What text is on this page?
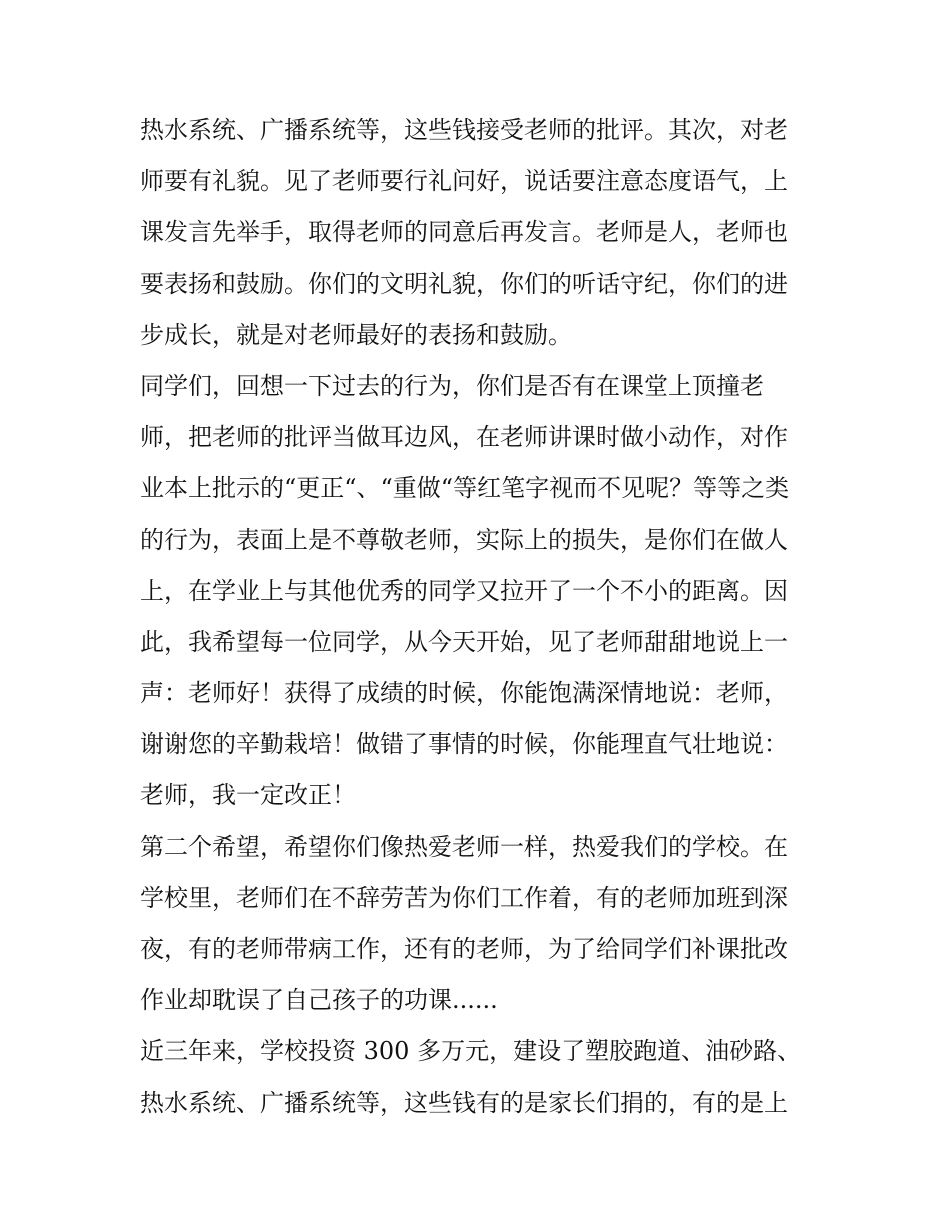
热水系统、广播系统等，这些钱接受老师的批评。其次，对老
师要有礼貌。见了老师要行礼问好，说话要注意态度语气，上
课发言先举手，取得老师的同意后再发言。老师是人，老师也
要表扬和鼓励。你们的文明礼貌，你们的听话守纪，你们的进
步成长，就是对老师最好的表扬和鼓励。
同学们，回想一下过去的行为，你们是否有在课堂上顶撞老
师，把老师的批评当做耳边风，在老师讲课时做小动作，对作
业本上批示的“更正“、“重做“等红笔字视而不见呢？等等之类
的行为，表面上是不尊敬老师，实际上的损失，是你们在做人
上，在学业上与其他优秀的同学又拉开了一个不小的距离。因
此，我希望每一位同学，从今天开始，见了老师甜甜地说上一
声：老师好！获得了成绩的时候，你能饱满深情地说：老师，
谢谢您的辛勤栽培！做错了事情的时候，你能理直气壮地说：
老师，我一定改正！
第二个希望，希望你们像热爱老师一样，热爱我们的学校。在
学校里，老师们在不辞劳苦为你们工作着，有的老师加班到深
夜，有的老师带病工作，还有的老师，为了给同学们补课批改
作业却耽误了自己孩子的功课......
近三年来，学校投资 300 多万元，建设了塑胶跑道、油砂路、
热水系统、广播系统等，这些钱有的是家长们捐的，有的是上
